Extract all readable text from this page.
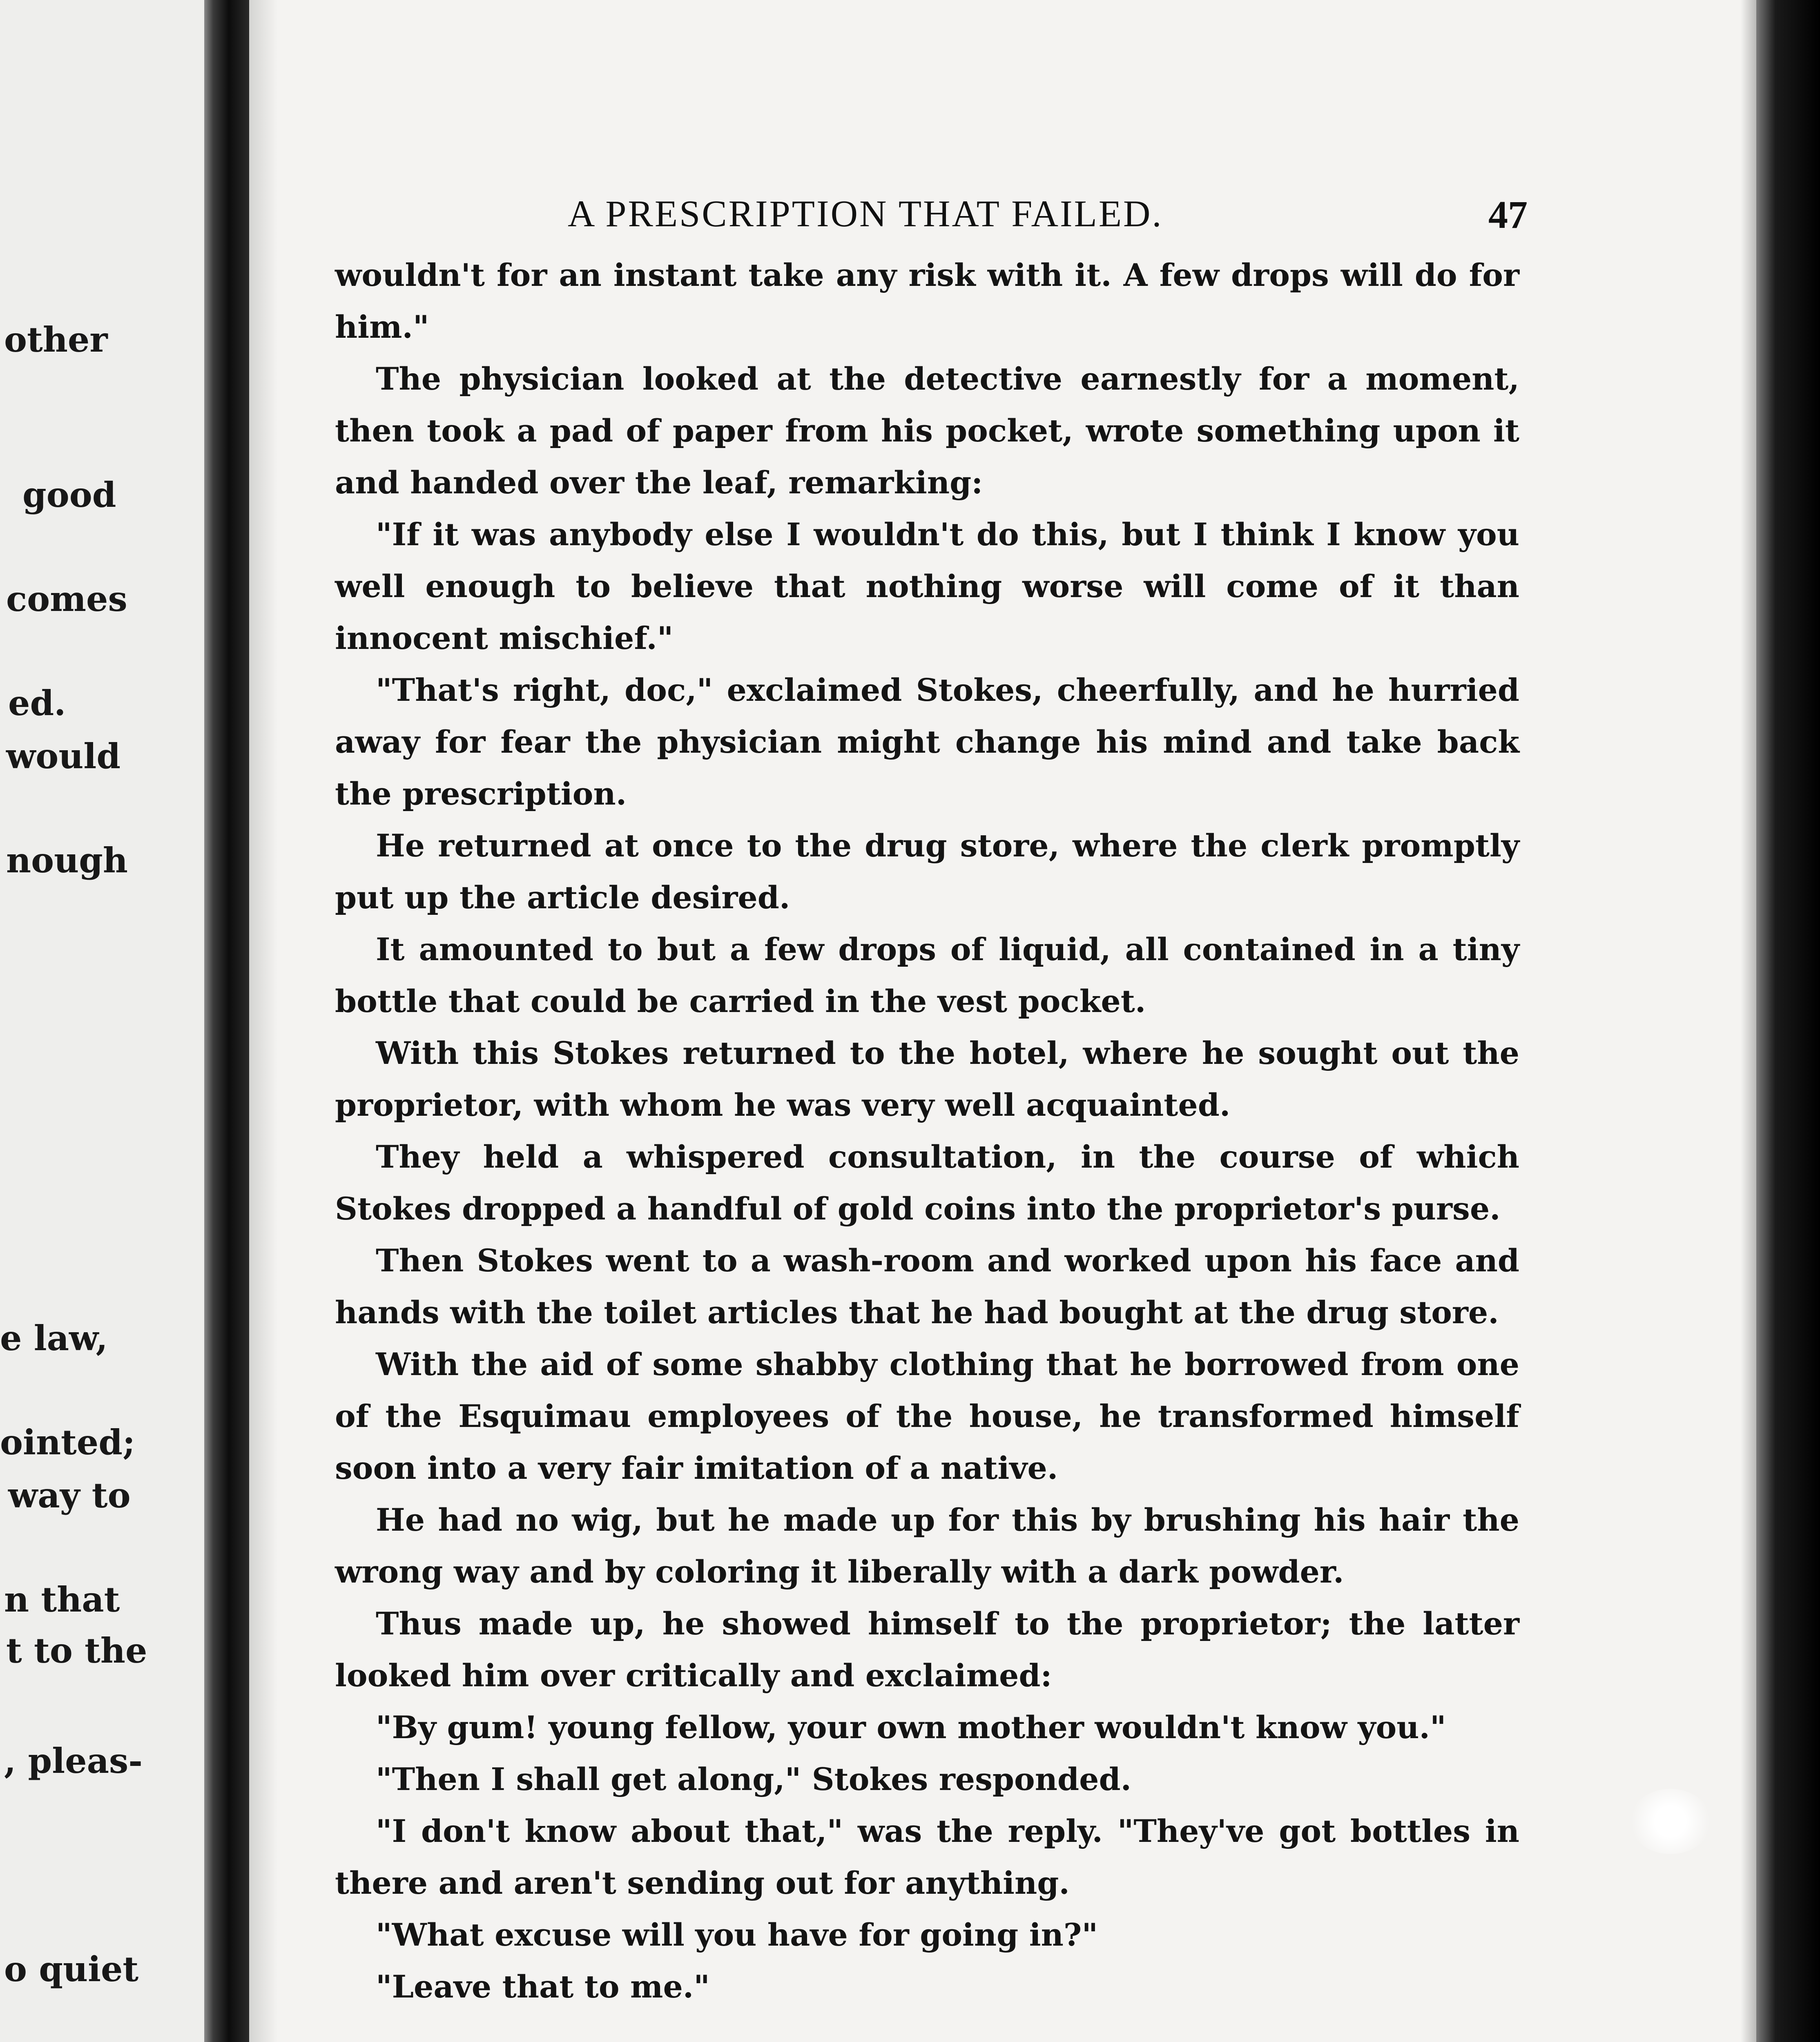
other
good
comes
ed.
would
nough
e law,
ointed;
way to
n that
t to the
, pleas-
o quiet
A PRESCRIPTION THAT FAILED.	47

wouldn't for an instant take any risk with it. A few drops will do for him."

The physician looked at the detective earnestly for a moment, then took a pad of paper from his pocket, wrote something upon it and handed over the leaf, remarking:

"If it was anybody else I wouldn't do this, but I think I know you well enough to believe that nothing worse will come of it than innocent mischief."

"That's right, doc," exclaimed Stokes, cheerfully, and he hurried away for fear the physician might change his mind and take back the prescription.

He returned at once to the drug store, where the clerk promptly put up the article desired.

It amounted to but a few drops of liquid, all contained in a tiny bottle that could be carried in the vest pocket.

With this Stokes returned to the hotel, where he sought out the proprietor, with whom he was very well acquainted.

They held a whispered consultation, in the course of which Stokes dropped a handful of gold coins into the proprietor's purse.

Then Stokes went to a wash-room and worked upon his face and hands with the toilet articles that he had bought at the drug store.

With the aid of some shabby clothing that he borrowed from one of the Esquimau employees of the house, he transformed himself soon into a very fair imitation of a native.

He had no wig, but he made up for this by brushing his hair the wrong way and by coloring it liberally with a dark powder.

Thus made up, he showed himself to the proprietor; the latter looked him over critically and exclaimed:

"By gum! young fellow, your own mother wouldn't know you."

"Then I shall get along," Stokes responded.

"I don't know about that," was the reply. "They've got bottles in there and aren't sending out for anything.

"What excuse will you have for going in?"

"Leave that to me."
